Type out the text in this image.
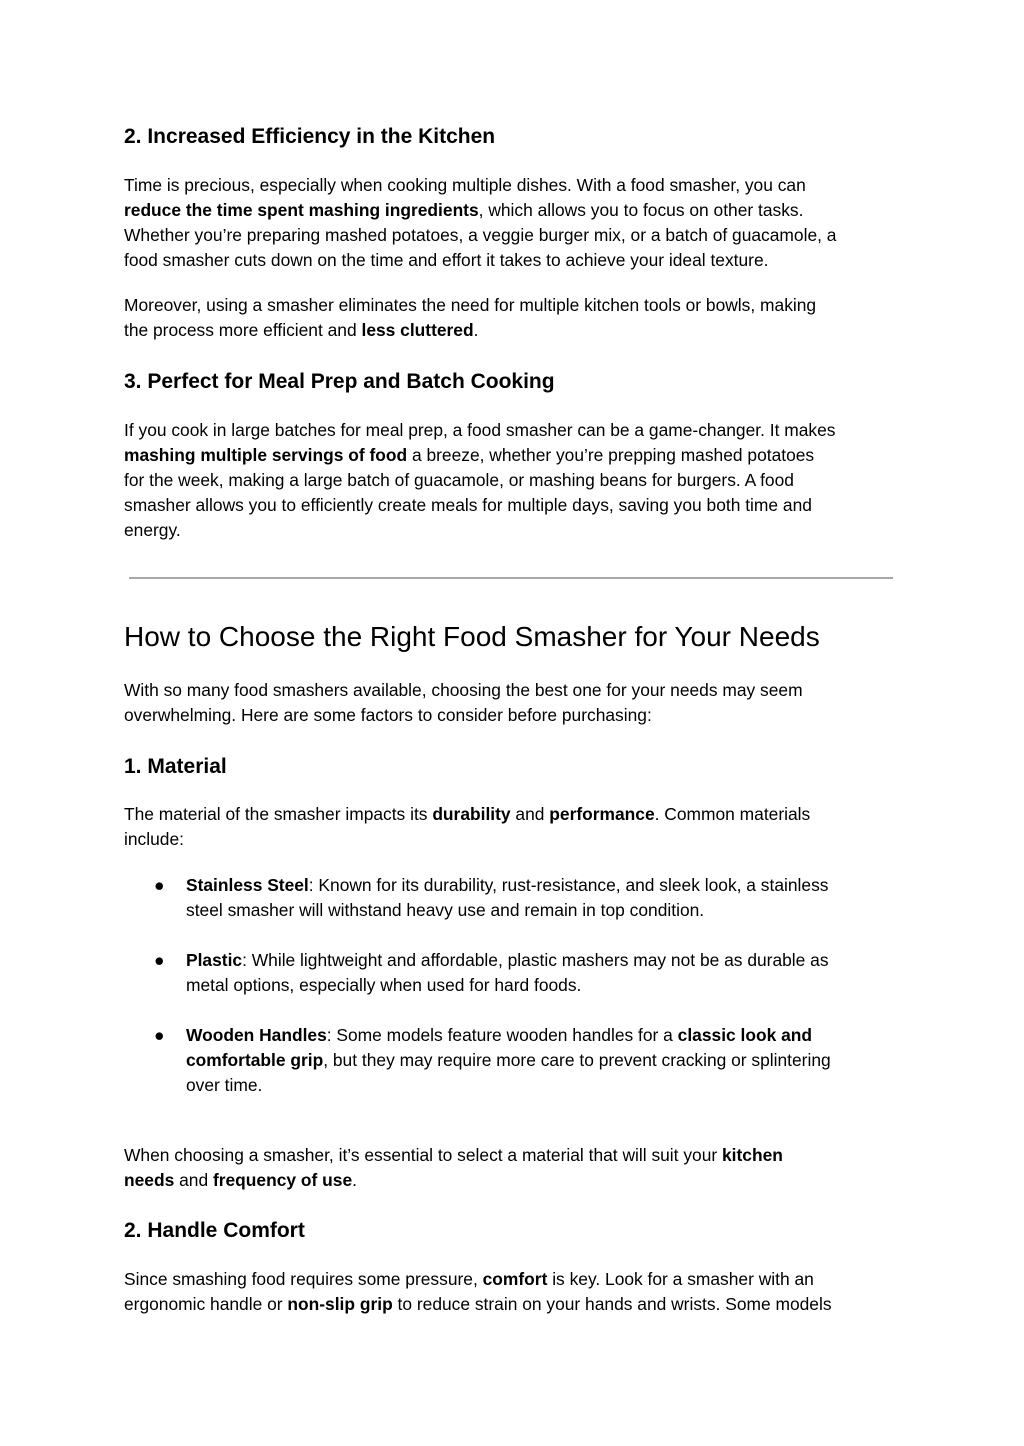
2. Increased Efficiency in the Kitchen
Time is precious, especially when cooking multiple dishes. With a food smasher, you can
reduce the time spent mashing ingredients, which allows you to focus on other tasks.
Whether you’re preparing mashed potatoes, a veggie burger mix, or a batch of guacamole, a
food smasher cuts down on the time and effort it takes to achieve your ideal texture.
Moreover, using a smasher eliminates the need for multiple kitchen tools or bowls, making
the process more efficient and less cluttered.
3. Perfect for Meal Prep and Batch Cooking
If you cook in large batches for meal prep, a food smasher can be a game-changer. It makes
mashing multiple servings of food a breeze, whether you’re prepping mashed potatoes
for the week, making a large batch of guacamole, or mashing beans for burgers. A food
smasher allows you to efficiently create meals for multiple days, saving you both time and
energy.
How to Choose the Right Food Smasher for Your Needs
With so many food smashers available, choosing the best one for your needs may seem
overwhelming. Here are some factors to consider before purchasing:
1. Material
The material of the smasher impacts its durability and performance. Common materials
include:
● Stainless Steel: Known for its durability, rust-resistance, and sleek look, a stainless
steel smasher will withstand heavy use and remain in top condition.
● Plastic: While lightweight and affordable, plastic mashers may not be as durable as
metal options, especially when used for hard foods.
● Wooden Handles: Some models feature wooden handles for a classic look and
comfortable grip, but they may require more care to prevent cracking or splintering
over time.
When choosing a smasher, it’s essential to select a material that will suit your kitchen
needs and frequency of use.
2. Handle Comfort
Since smashing food requires some pressure, comfort is key. Look for a smasher with an
ergonomic handle or non-slip grip to reduce strain on your hands and wrists. Some models
